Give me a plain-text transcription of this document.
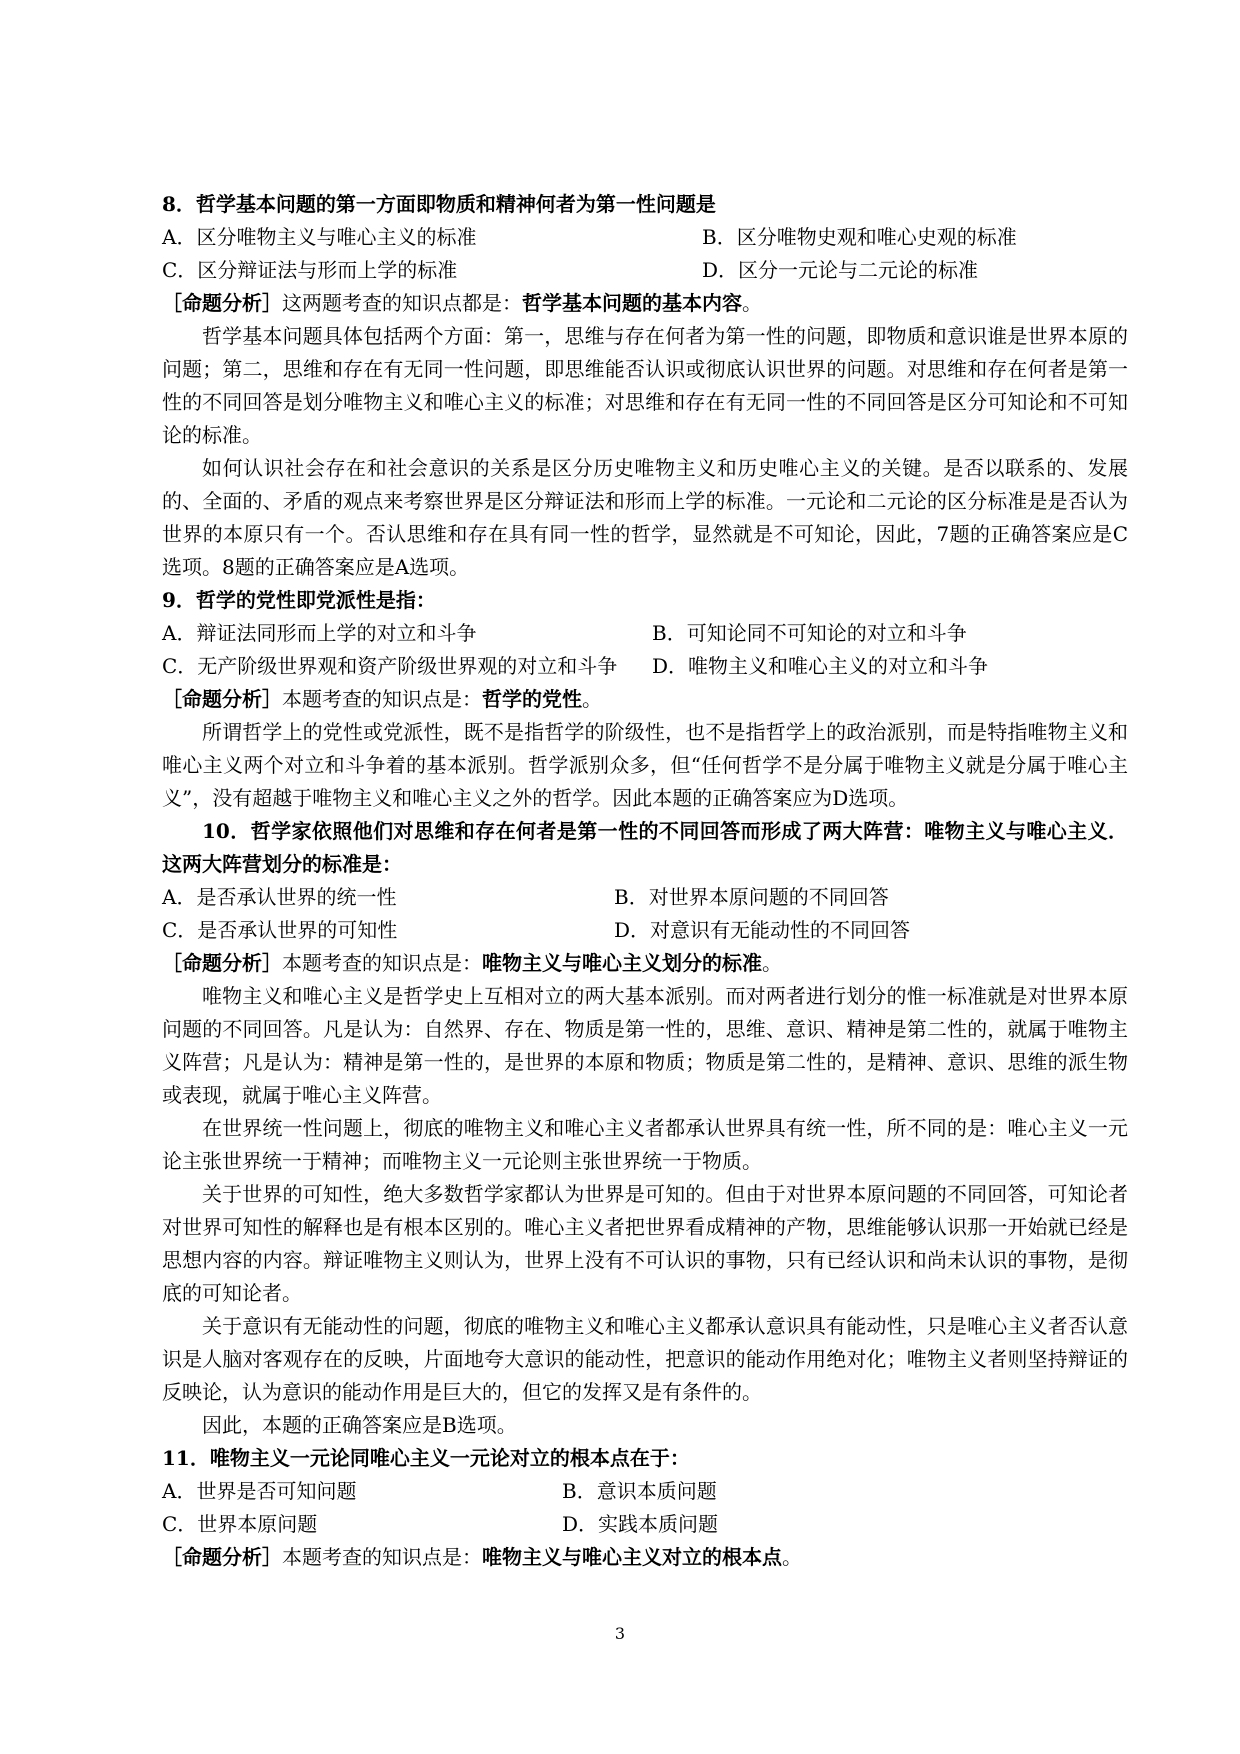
8．哲学基本问题的第一方面即物质和精神何者为第一性问题是
A．区分唯物主义与唯心主义的标准	B．区分唯物史观和唯心史观的标准
C．区分辩证法与形而上学的标准	D．区分一元论与二元论的标准
［命题分析］这两题考查的知识点都是：哲学基本问题的基本内容。
哲学基本问题具体包括两个方面：第一，思维与存在何者为第一性的问题，即物质和意识谁是世界本原的问题；第二，思维和存在有无同一性问题，即思维能否认识或彻底认识世界的问题。对思维和存在何者是第一性的不同回答是划分唯物主义和唯心主义的标准；对思维和存在有无同一性的不同回答是区分可知论和不可知论的标准。
如何认识社会存在和社会意识的关系是区分历史唯物主义和历史唯心主义的关键。是否以联系的、发展的、全面的、矛盾的观点来考察世界是区分辩证法和形而上学的标准。一元论和二元论的区分标准是是否认为世界的本原只有一个。否认思维和存在具有同一性的哲学，显然就是不可知论，因此，7题的正确答案应是C选项。8题的正确答案应是A选项。
9．哲学的党性即党派性是指：
A．辩证法同形而上学的对立和斗争	B．可知论同不可知论的对立和斗争
C．无产阶级世界观和资产阶级世界观的对立和斗争	D．唯物主义和唯心主义的对立和斗争
［命题分析］本题考查的知识点是：哲学的党性。
所谓哲学上的党性或党派性，既不是指哲学的阶级性，也不是指哲学上的政治派别，而是特指唯物主义和唯心主义两个对立和斗争着的基本派别。哲学派别众多，但“任何哲学不是分属于唯物主义就是分属于唯心主义”，没有超越于唯物主义和唯心主义之外的哲学。因此本题的正确答案应为D选项。
10．哲学家依照他们对思维和存在何者是第一性的不同回答而形成了两大阵营：唯物主义与唯心主义．这两大阵营划分的标准是：
A．是否承认世界的统一性	B．对世界本原问题的不同回答
C．是否承认世界的可知性	D．对意识有无能动性的不同回答
［命题分析］本题考查的知识点是：唯物主义与唯心主义划分的标准。
唯物主义和唯心主义是哲学史上互相对立的两大基本派别。而对两者进行划分的惟一标准就是对世界本原问题的不同回答。凡是认为：自然界、存在、物质是第一性的，思维、意识、精神是第二性的，就属于唯物主义阵营；凡是认为：精神是第一性的，是世界的本原和物质；物质是第二性的，是精神、意识、思维的派生物或表现，就属于唯心主义阵营。
在世界统一性问题上，彻底的唯物主义和唯心主义者都承认世界具有统一性，所不同的是：唯心主义一元论主张世界统一于精神；而唯物主义一元论则主张世界统一于物质。
关于世界的可知性，绝大多数哲学家都认为世界是可知的。但由于对世界本原问题的不同回答，可知论者对世界可知性的解释也是有根本区别的。唯心主义者把世界看成精神的产物，思维能够认识那一开始就已经是思想内容的内容。辩证唯物主义则认为，世界上没有不可认识的事物，只有已经认识和尚未认识的事物，是彻底的可知论者。
关于意识有无能动性的问题，彻底的唯物主义和唯心主义都承认意识具有能动性，只是唯心主义者否认意识是人脑对客观存在的反映，片面地夸大意识的能动性，把意识的能动作用绝对化；唯物主义者则坚持辩证的反映论，认为意识的能动作用是巨大的，但它的发挥又是有条件的。
因此，本题的正确答案应是B选项。
11．唯物主义一元论同唯心主义一元论对立的根本点在于：
A．世界是否可知问题	B．意识本质问题
C．世界本原问题	D．实践本质问题
［命题分析］本题考查的知识点是：唯物主义与唯心主义对立的根本点。
3
